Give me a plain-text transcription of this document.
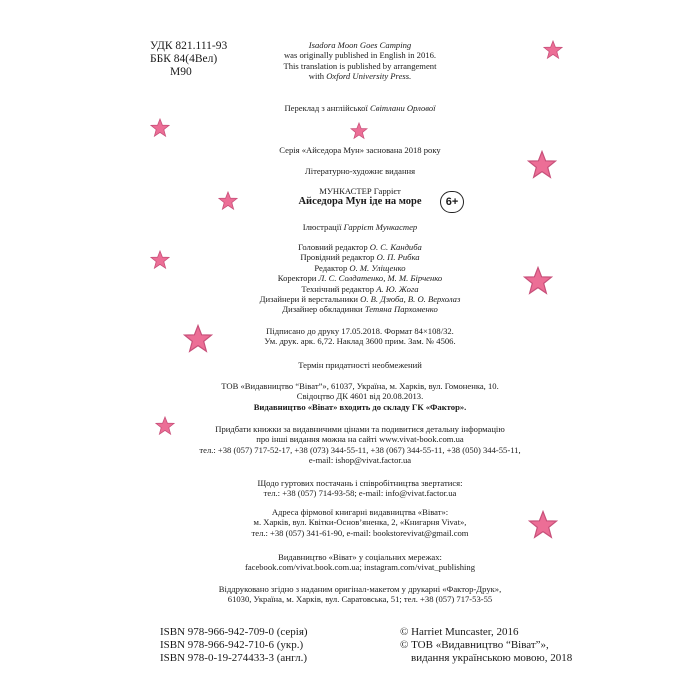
УДК 821.111-93
ББК 84(4Вел)
М90
Isadora Moon Goes Camping
was originally published in English in 2016.
This translation is published by arrangement
with Oxford University Press.
Переклад з англійської Світлани Орлової
Серія «Айседора Мун» заснована 2018 року
Літературно-художнє видання
МУНКАСТЕР Гаррієт
Айседора Мун іде на море	6+
Ілюстрації Гаррієт Мункастер
Головний редактор О. С. Кандиба
Провідний редактор О. П. Рибка
Редактор О. М. Уліщенко
Коректори Л. С. Солдатенко, М. М. Бірченко
Технічний редактор А. Ю. Жога
Дизайнери й верстальники О. В. Дзюба, В. О. Верхолаз
Дизайнер обкладинки Тетяна Пархоменко
Підписано до друку 17.05.2018. Формат 84×108/32.
Ум. друк. арк. 6,72. Наклад 3600 прим. Зам. № 4506.
Термін придатності необмежений
ТОВ «Видавництво “Віват”», 61037, Україна, м. Харків, вул. Гомоненка, 10.
Свідоцтво ДК 4601 від 20.08.2013.
Видавництво «Віват» входить до складу ГК «Фактор».
Придбати книжки за видавничими цінами та подивитися детальну інформацію
про інші видання можна на сайті www.vivat-book.com.ua
тел.: +38 (057) 717-52-17, +38 (073) 344-55-11, +38 (067) 344-55-11, +38 (050) 344-55-11,
e-mail: ishop@vivat.factor.ua
Щодо гуртових постачань і співробітництва звертатися:
тел.: +38 (057) 714-93-58; e-mail: info@vivat.factor.ua
Адреса фірмової книгарні видавництва «Віват»:
м. Харків, вул. Квітки-Основ’яненка, 2, «Книгарня Vivat»,
тел.: +38 (057) 341-61-90, e-mail: bookstorevivat@gmail.com
Видавництво «Віват» у соціальних мережах:
facebook.com/vivat.book.com.ua; instagram.com/vivat_publishing
Віддруковано згідно з наданим оригінал-макетом у друкарні «Фактор-Друк»,
61030, Україна, м. Харків, вул. Саратовська, 51; тел. +38 (057) 717-53-55
ISBN 978-966-942-709-0 (серія)
ISBN 978-966-942-710-6 (укр.)
ISBN 978-0-19-274433-3 (англ.)
© Harriet Muncaster, 2016
© ТОВ «Видавництво “Віват”»,
видання українською мовою, 2018
